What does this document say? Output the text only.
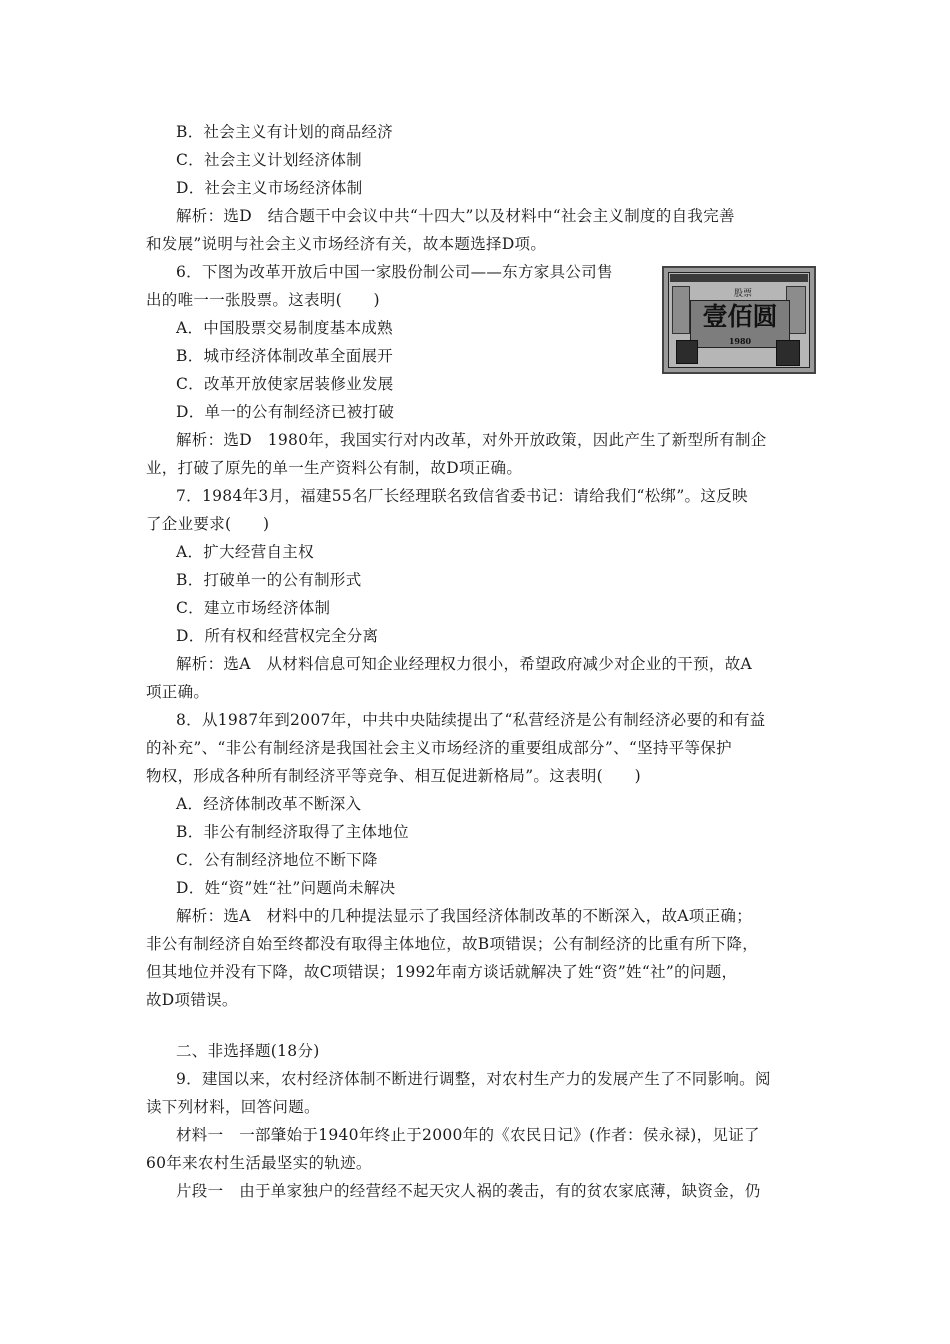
B．社会主义有计划的商品经济
C．社会主义计划经济体制
D．社会主义市场经济体制
解析：选D　结合题干中会议中共“十四大”以及材料中“社会主义制度的自我完善
和发展”说明与社会主义市场经济有关，故本题选择D项。
6．下图为改革开放后中国一家股份制公司——东方家具公司售
出的唯一一张股票。这表明(　　)
A．中国股票交易制度基本成熟
B．城市经济体制改革全面展开
C．改革开放使家居装修业发展
D．单一的公有制经济已被打破
解析：选D　1980年，我国实行对内改革，对外开放政策，因此产生了新型所有制企
业，打破了原先的单一生产资料公有制，故D项正确。
股票
壹佰圆
1980
7．1984年3月，福建55名厂长经理联名致信省委书记：请给我们“松绑”。这反映
了企业要求(　　)
A．扩大经营自主权
B．打破单一的公有制形式
C．建立市场经济体制
D．所有权和经营权完全分离
解析：选A　从材料信息可知企业经理权力很小，希望政府减少对企业的干预，故A
项正确。
8．从1987年到2007年，中共中央陆续提出了“私营经济是公有制经济必要的和有益
的补充”、“非公有制经济是我国社会主义市场经济的重要组成部分”、“坚持平等保护
物权，形成各种所有制经济平等竞争、相互促进新格局”。这表明(　　)
A．经济体制改革不断深入
B．非公有制经济取得了主体地位
C．公有制经济地位不断下降
D．姓“资”姓“社”问题尚未解决
解析：选A　材料中的几种提法显示了我国经济体制改革的不断深入，故A项正确；
非公有制经济自始至终都没有取得主体地位，故B项错误；公有制经济的比重有所下降，
但其地位并没有下降，故C项错误；1992年南方谈话就解决了姓“资”姓“社”的问题，
故D项错误。
二、非选择题(18分)
9．建国以来，农村经济体制不断进行调整，对农村生产力的发展产生了不同影响。阅
读下列材料，回答问题。
材料一　一部肇始于1940年终止于2000年的《农民日记》(作者：侯永禄)，见证了
60年来农村生活最坚实的轨迹。
片段一　由于单家独户的经营经不起天灾人祸的袭击，有的贫农家底薄，缺资金，仍
